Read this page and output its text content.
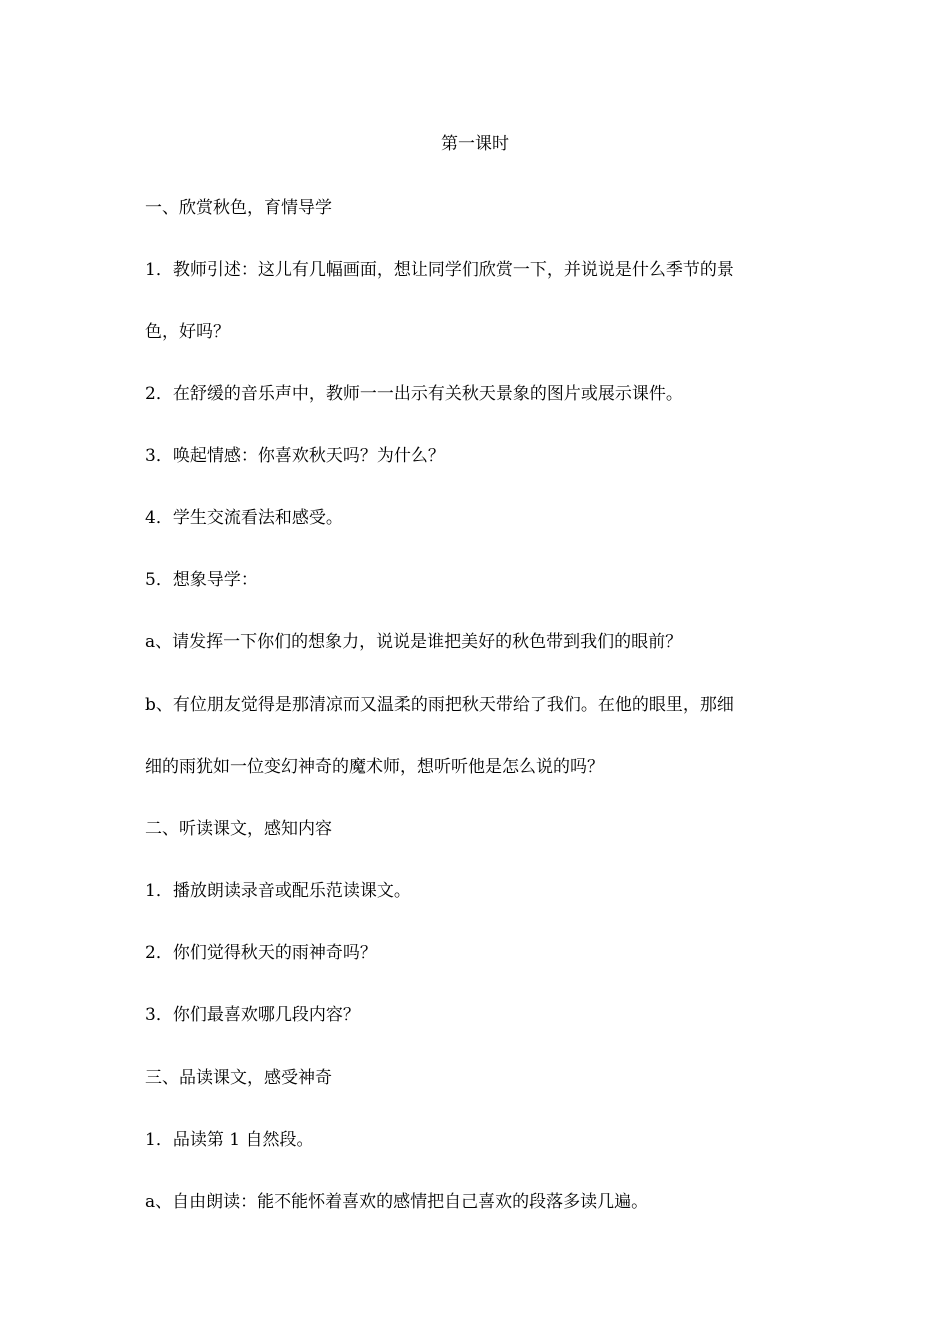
第一课时
一、欣赏秋色，育情导学
1．教师引述：这儿有几幅画面，想让同学们欣赏一下，并说说是什么季节的景
色，好吗？
2．在舒缓的音乐声中，教师一一出示有关秋天景象的图片或展示课件。
3．唤起情感：你喜欢秋天吗？为什么？
4．学生交流看法和感受。
5．想象导学：
a、请发挥一下你们的想象力，说说是谁把美好的秋色带到我们的眼前？
b、有位朋友觉得是那清凉而又温柔的雨把秋天带给了我们。在他的眼里，那细
细的雨犹如一位变幻神奇的魔术师，想听听他是怎么说的吗？
二、听读课文，感知内容
1．播放朗读录音或配乐范读课文。
2．你们觉得秋天的雨神奇吗？
3．你们最喜欢哪几段内容？
三、品读课文，感受神奇
1．品读第 1 自然段。
a、自由朗读：能不能怀着喜欢的感情把自己喜欢的段落多读几遍。
